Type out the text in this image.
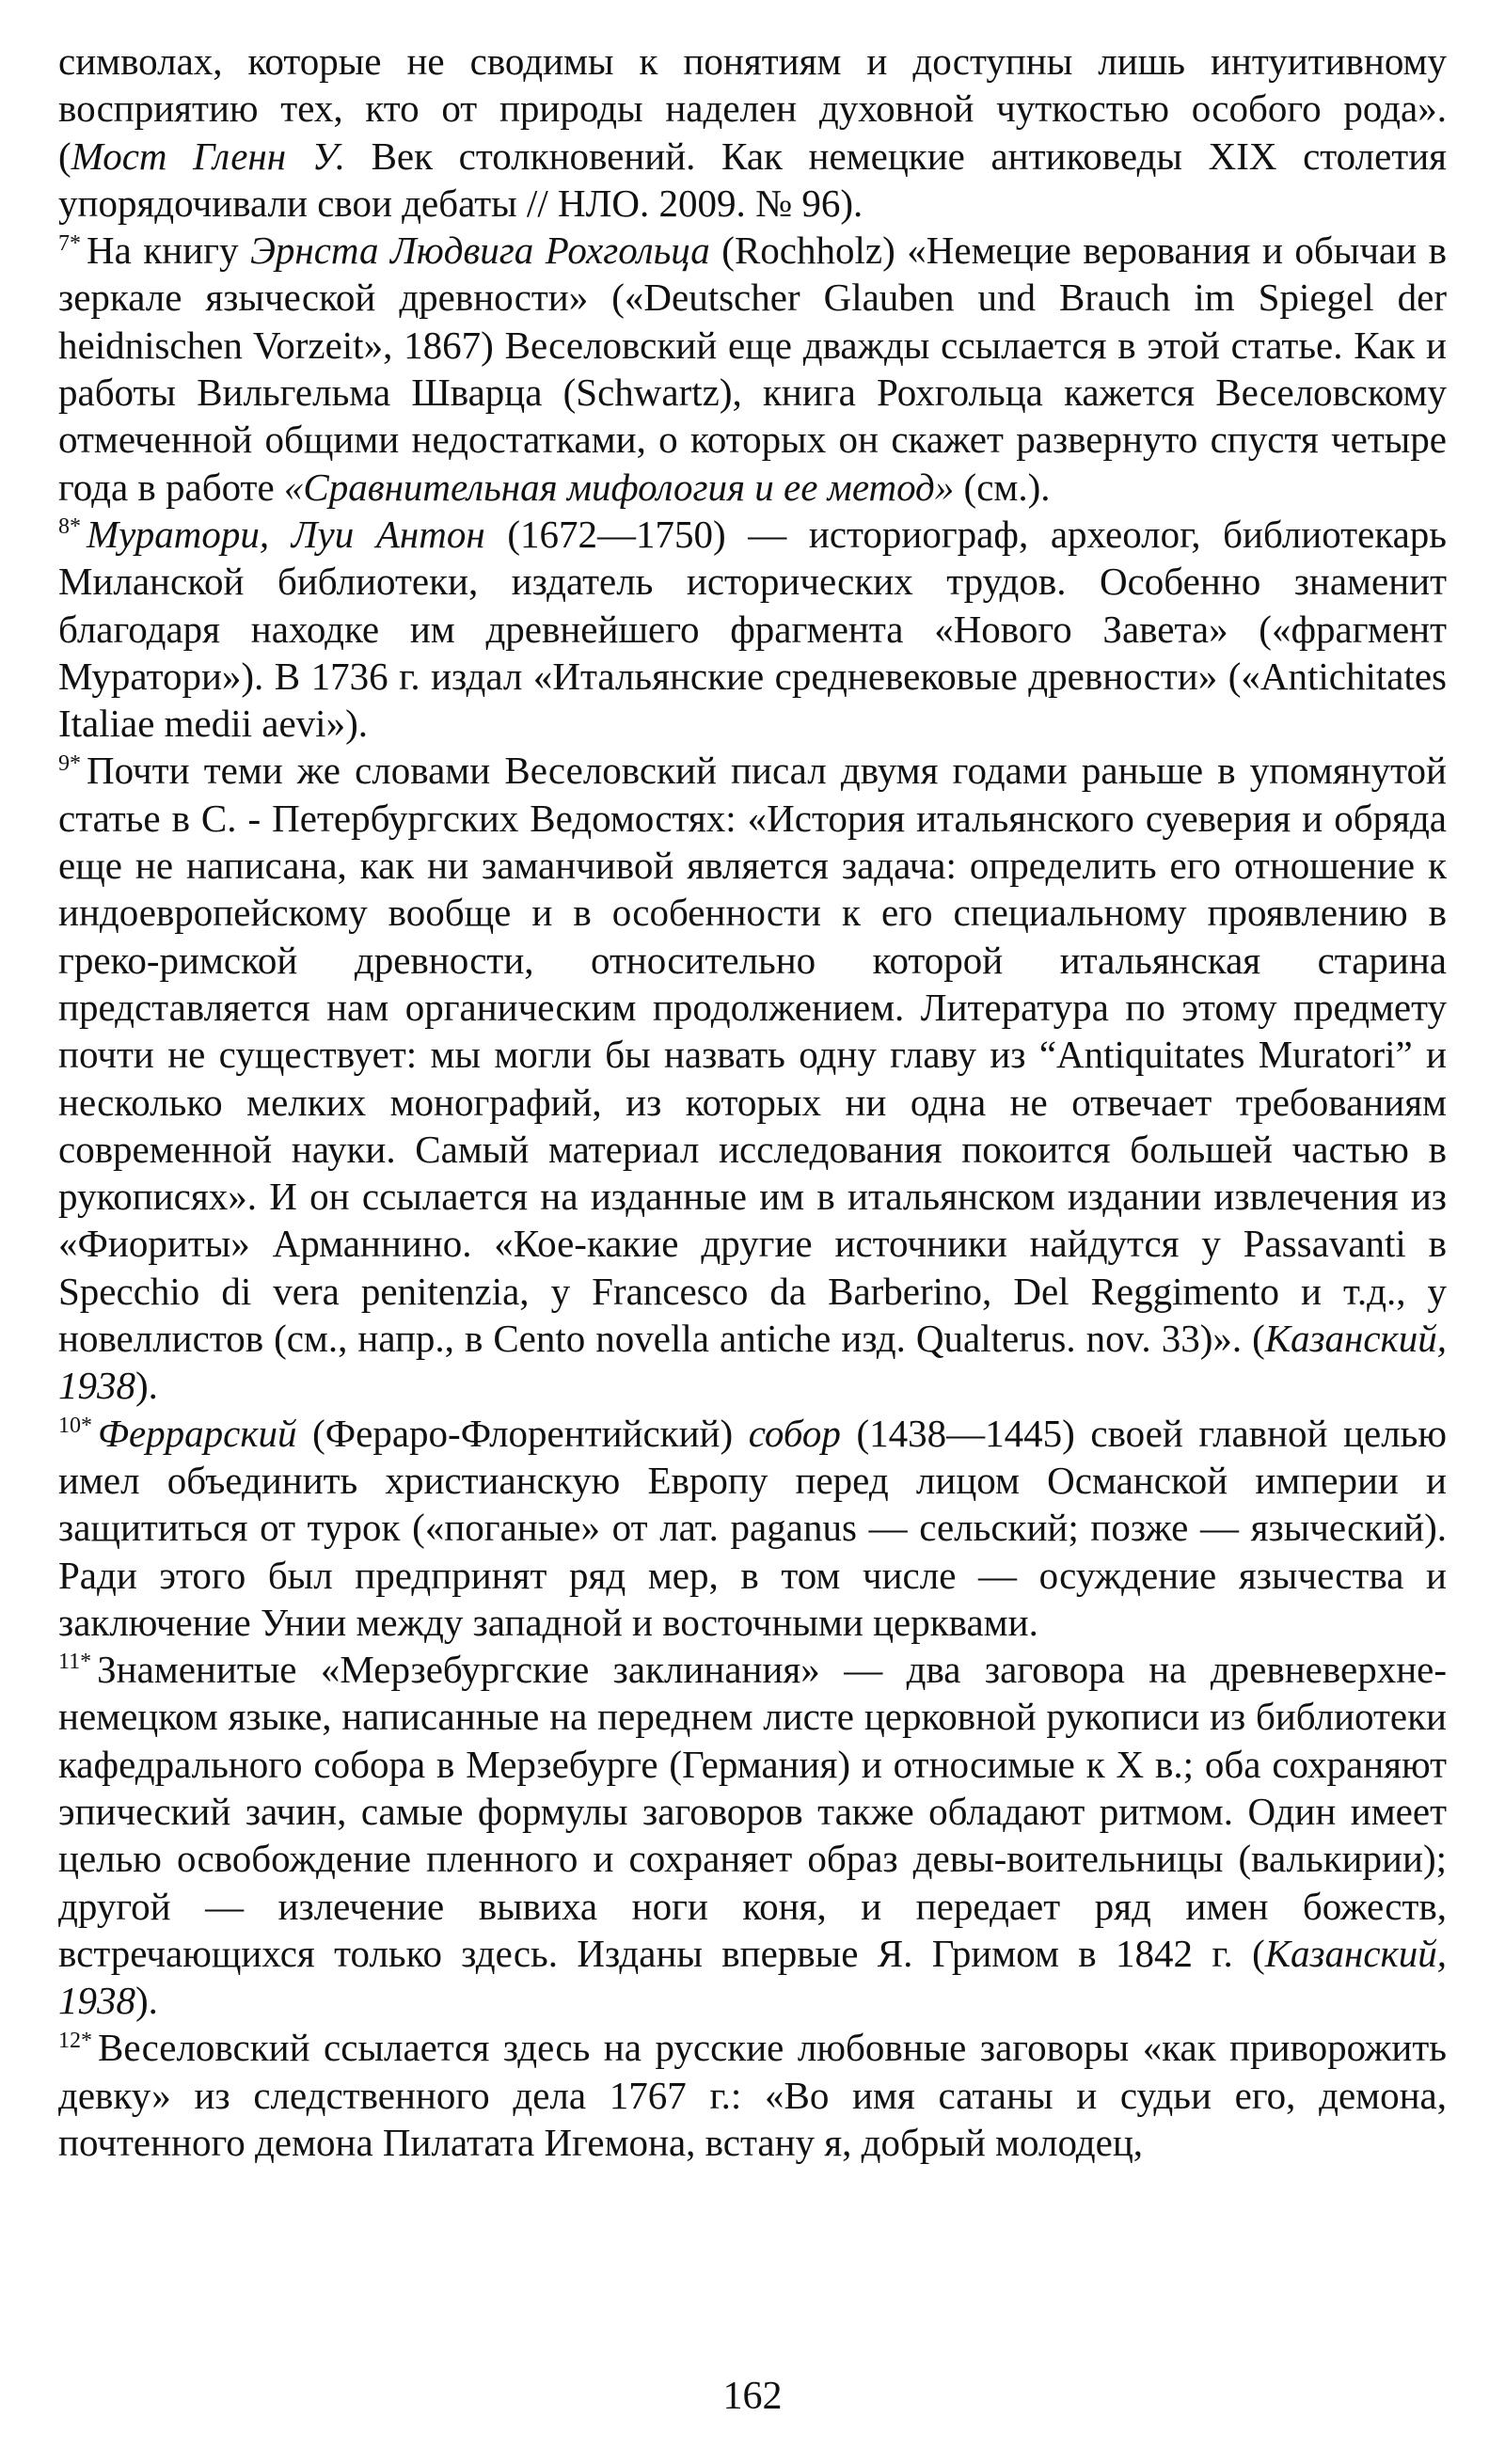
символах, которые не сводимы к понятиям и доступны лишь интуитивному восприятию тех, кто от природы наделен духовной чуткостью особого рода». (Мост Гленн У. Век столкновений. Как немецкие антиковеды XIX столетия упорядочивали свои дебаты // НЛО. 2009. № 96).

$^{7*}$ На книгу Эрнста Людвига Рохгольца (Rochholz) «Немецие верования и обычаи в зеркале языческой древности» («Deutscher Glauben und Brauch im Spiegel der heidnischen Vorzeit», 1867) Веселовский еще дважды ссылается в этой статье. Как и работы Вильгельма Шварца (Schwartz), книга Рохгольца кажется Веселовскому отмеченной общими недостатками, о которых он скажет развернуто спустя четыре года в работе «Сравнительная мифология и ее метод» (см.).

$^{8*}$ Муратори, Луи Антон (1672—1750) — историограф, археолог, библиотекарь Миланской библиотеки, издатель исторических трудов. Особенно знаменит благодаря находке им древнейшего фрагмента «Нового Завета» («фрагмент Муратори»). В 1736 г. издал «Итальянские средневековые древности» («Antichitates Italiae medii aevi»).

$^{9*}$ Почти теми же словами Веселовский писал двумя годами раньше в упомянутой статье в С. - Петербургских Ведомостях: «История итальянского суеверия и обряда еще не написана, как ни заманчивой является задача: определить его отношение к индоевропейскому вообще и в особенности к его специальному проявлению в греко-римской древности, относительно которой итальянская старина представляется нам органическим продолжением. Литература по этому предмету почти не существует: мы могли бы назвать одну главу из “Antiquitates Muratori” и несколько мелких монографий, из которых ни одна не отвечает требованиям современной науки. Самый материал исследования покоится большей частью в рукописях». И он ссылается на изданные им в итальянском издании извлечения из «Фиориты» Арманнино. «Кое-какие другие источники найдутся у Passavanti в Specchio di vera penitenzia, у Francesco da Barberino, Del Reggimento и т.д., у новеллистов (см., напр., в Cento novella antiche изд. Qualterus. nov. 33)». (Казанский, 1938).

$^{10*}$ Феррарский (Фераро-Флорентийский) собор (1438—1445) своей главной целью имел объединить христианскую Европу перед лицом Османской империи и защититься от турок («поганые» от лат. paganus — сельский; позже — языческий). Ради этого был предпринят ряд мер, в том числе — осуждение язычества и заключение Унии между западной и восточными церквами.

$^{11*}$ Знаменитые «Мерзебургские заклинания» — два заговора на древневерхне-немецком языке, написанные на переднем листе церковной рукописи из библиотеки кафедрального собора в Мерзебурге (Германия) и относимые к X в.; оба сохраняют эпический зачин, самые формулы заговоров также обладают ритмом. Один имеет целью освобождение пленного и сохраняет образ девы-воительницы (валькирии); другой — излечение вывиха ноги коня, и передает ряд имен божеств, встречающихся только здесь. Изданы впервые Я. Гримом в 1842 г. (Казанский, 1938).

$^{12*}$ Веселовский ссылается здесь на русские любовные заговоры «как приворожить девку» из следственного дела 1767 г.: «Во имя сатаны и судьи его, демона, почтенного демона Пилатата Игемона, встану я, добрый молодец,

162
